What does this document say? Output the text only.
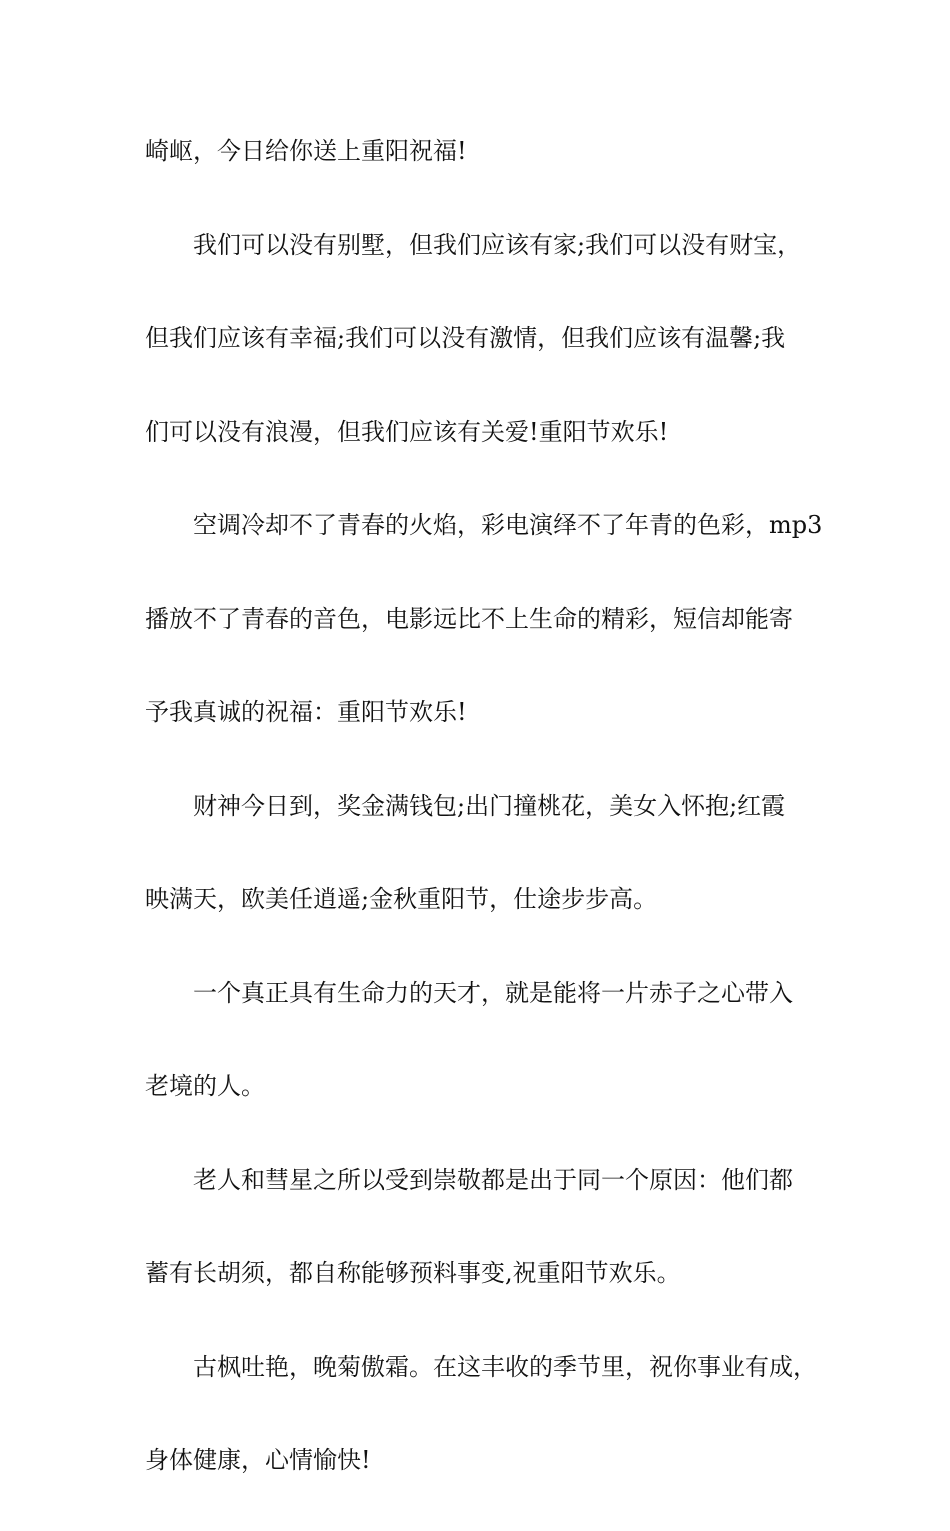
崎岖，今日给你送上重阳祝福!
我们可以没有别墅，但我们应该有家;我们可以没有财宝，
但我们应该有幸福;我们可以没有激情，但我们应该有温馨;我
们可以没有浪漫，但我们应该有关爱!重阳节欢乐!
空调冷却不了青春的火焰，彩电演绎不了年青的色彩，mp3
播放不了青春的音色，电影远比不上生命的精彩，短信却能寄
予我真诚的祝福：重阳节欢乐!
财神今日到，奖金满钱包;出门撞桃花，美女入怀抱;红霞
映满天，欧美任逍遥;金秋重阳节，仕途步步高。
一个真正具有生命力的天才，就是能将一片赤子之心带入
老境的人。
老人和彗星之所以受到崇敬都是出于同一个原因：他们都
蓄有长胡须，都自称能够预料事变,祝重阳节欢乐。
古枫吐艳，晚菊傲霜。在这丰收的季节里，祝你事业有成，
身体健康，心情愉快!
